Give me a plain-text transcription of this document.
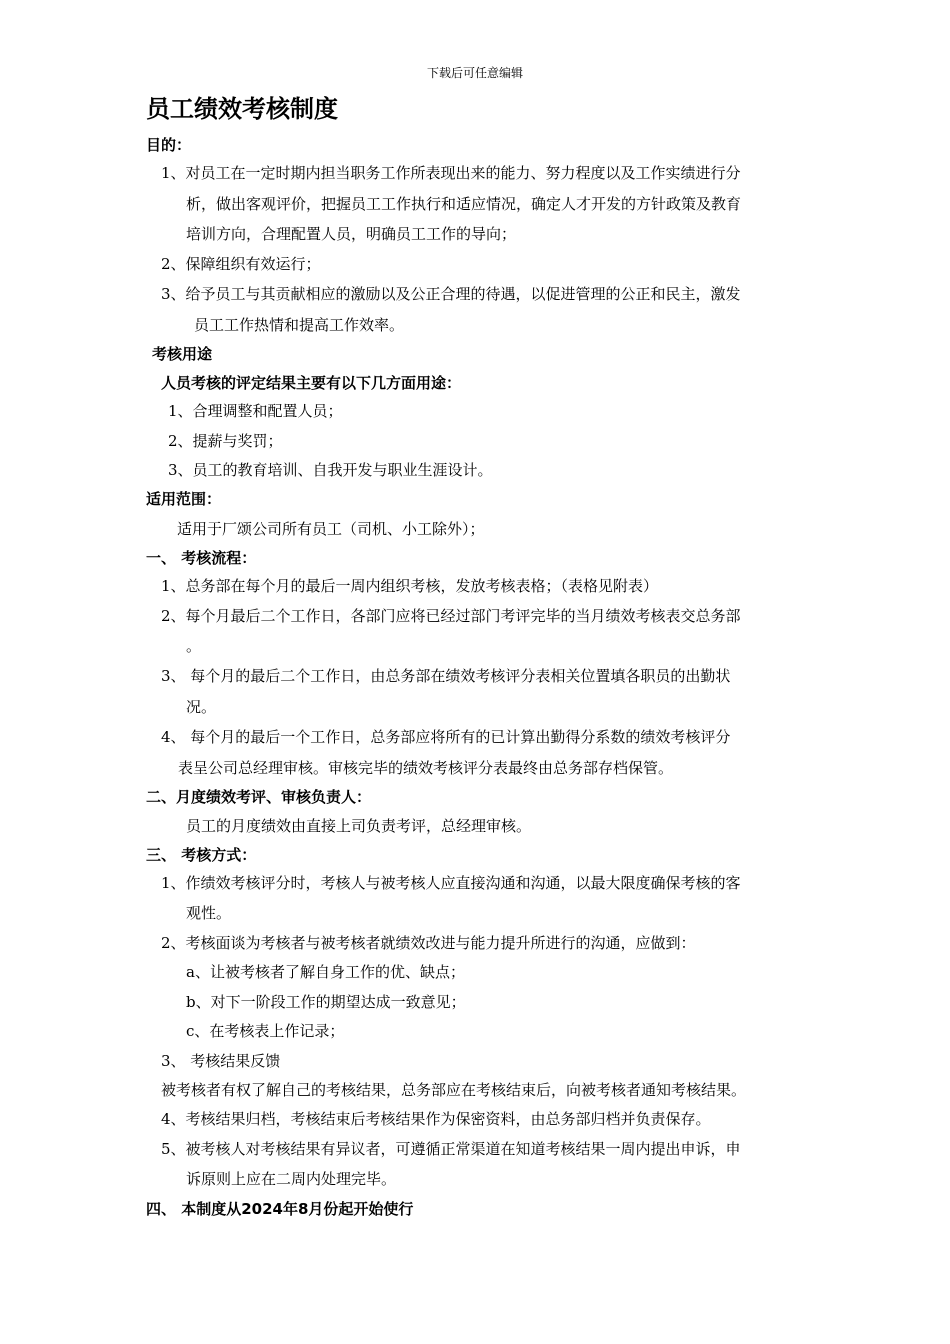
下载后可任意编辑
员工绩效考核制度
目的：
1、对员工在一定时期内担当职务工作所表现出来的能力、努力程度以及工作实绩进行分
析，做出客观评价，把握员工工作执行和适应情况，确定人才开发的方针政策及教育
培训方向，合理配置人员，明确员工工作的导向；
2、保障组织有效运行；
3、给予员工与其贡献相应的激励以及公正合理的待遇，以促进管理的公正和民主，激发
员工工作热情和提高工作效率。
考核用途
人员考核的评定结果主要有以下几方面用途：
1、合理调整和配置人员；
2、提薪与奖罚；
3、员工的教育培训、自我开发与职业生涯设计。
适用范围：
适用于厂颂公司所有员工（司机、小工除外）；
一、 考核流程：
1、总务部在每个月的最后一周内组织考核，发放考核表格；（表格见附表）
2、每个月最后二个工作日，各部门应将已经过部门考评完毕的当月绩效考核表交总务部
。
3、 每个月的最后二个工作日，由总务部在绩效考核评分表相关位置填各职员的出勤状
况。
4、 每个月的最后一个工作日，总务部应将所有的已计算出勤得分系数的绩效考核评分
表呈公司总经理审核。审核完毕的绩效考核评分表最终由总务部存档保管。
二、月度绩效考评、审核负责人：
员工的月度绩效由直接上司负责考评，总经理审核。
三、 考核方式：
1、作绩效考核评分时，考核人与被考核人应直接沟通和沟通，以最大限度确保考核的客
观性。
2、考核面谈为考核者与被考核者就绩效改进与能力提升所进行的沟通，应做到：
a、让被考核者了解自身工作的优、缺点；
b、对下一阶段工作的期望达成一致意见；
c、在考核表上作记录；
3、 考核结果反馈
被考核者有权了解自己的考核结果，总务部应在考核结束后，向被考核者通知考核结果。
4、考核结果归档，考核结束后考核结果作为保密资料，由总务部归档并负责保存。
5、被考核人对考核结果有异议者，可遵循正常渠道在知道考核结果一周内提出申诉，申
诉原则上应在二周内处理完毕。
四、 本制度从2024年8月份起开始使行
